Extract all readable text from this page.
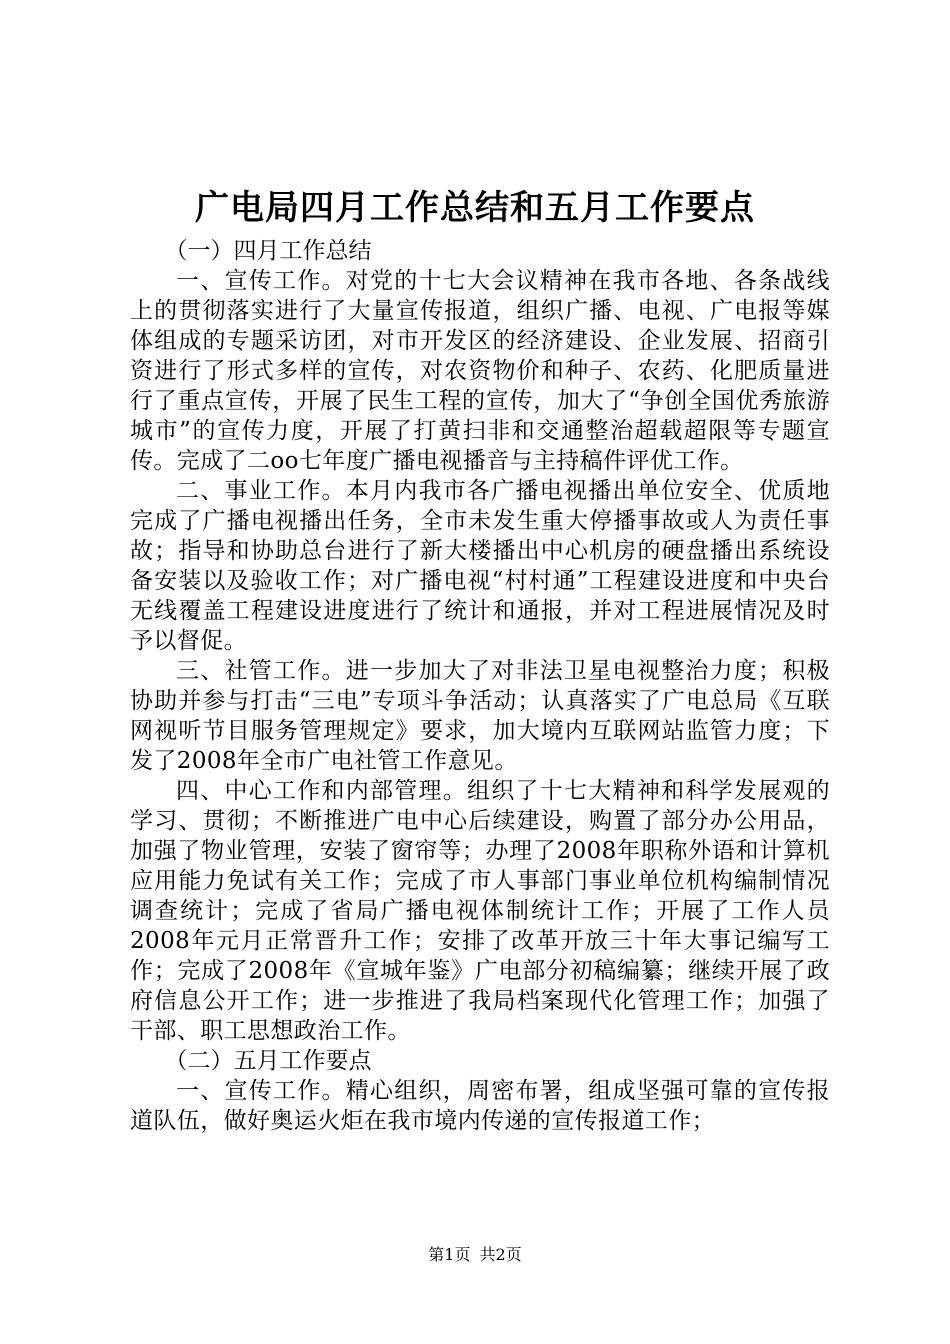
广电局四月工作总结和五月工作要点

（一）四月工作总结

一、宣传工作。对党的十七大会议精神在我市各地、各条战线上的贯彻落实进行了大量宣传报道，组织广播、电视、广电报等媒体组成的专题采访团，对市开发区的经济建设、企业发展、招商引资进行了形式多样的宣传，对农资物价和种子、农药、化肥质量进行了重点宣传，开展了民生工程的宣传，加大了“争创全国优秀旅游城市”的宣传力度，开展了打黄扫非和交通整治超载超限等专题宣传。完成了二oo七年度广播电视播音与主持稿件评优工作。

二、事业工作。本月内我市各广播电视播出单位安全、优质地完成了广播电视播出任务，全市未发生重大停播事故或人为责任事故；指导和协助总台进行了新大楼播出中心机房的硬盘播出系统设备安装以及验收工作；对广播电视“村村通”工程建设进度和中央台无线覆盖工程建设进度进行了统计和通报，并对工程进展情况及时予以督促。

三、社管工作。进一步加大了对非法卫星电视整治力度；积极协助并参与打击“三电”专项斗争活动；认真落实了广电总局《互联网视听节目服务管理规定》要求，加大境内互联网站监管力度；下发了2008年全市广电社管工作意见。

四、中心工作和内部管理。组织了十七大精神和科学发展观的学习、贯彻；不断推进广电中心后续建设，购置了部分办公用品，加强了物业管理，安装了窗帘等；办理了2008年职称外语和计算机应用能力免试有关工作；完成了市人事部门事业单位机构编制情况调查统计；完成了省局广播电视体制统计工作；开展了工作人员2008年元月正常晋升工作；安排了改革开放三十年大事记编写工作；完成了2008年《宣城年鉴》广电部分初稿编纂；继续开展了政府信息公开工作；进一步推进了我局档案现代化管理工作；加强了干部、职工思想政治工作。

（二）五月工作要点

一、宣传工作。精心组织，周密布署，组成坚强可靠的宣传报道队伍，做好奥运火炬在我市境内传递的宣传报道工作；

第1页 共2页
